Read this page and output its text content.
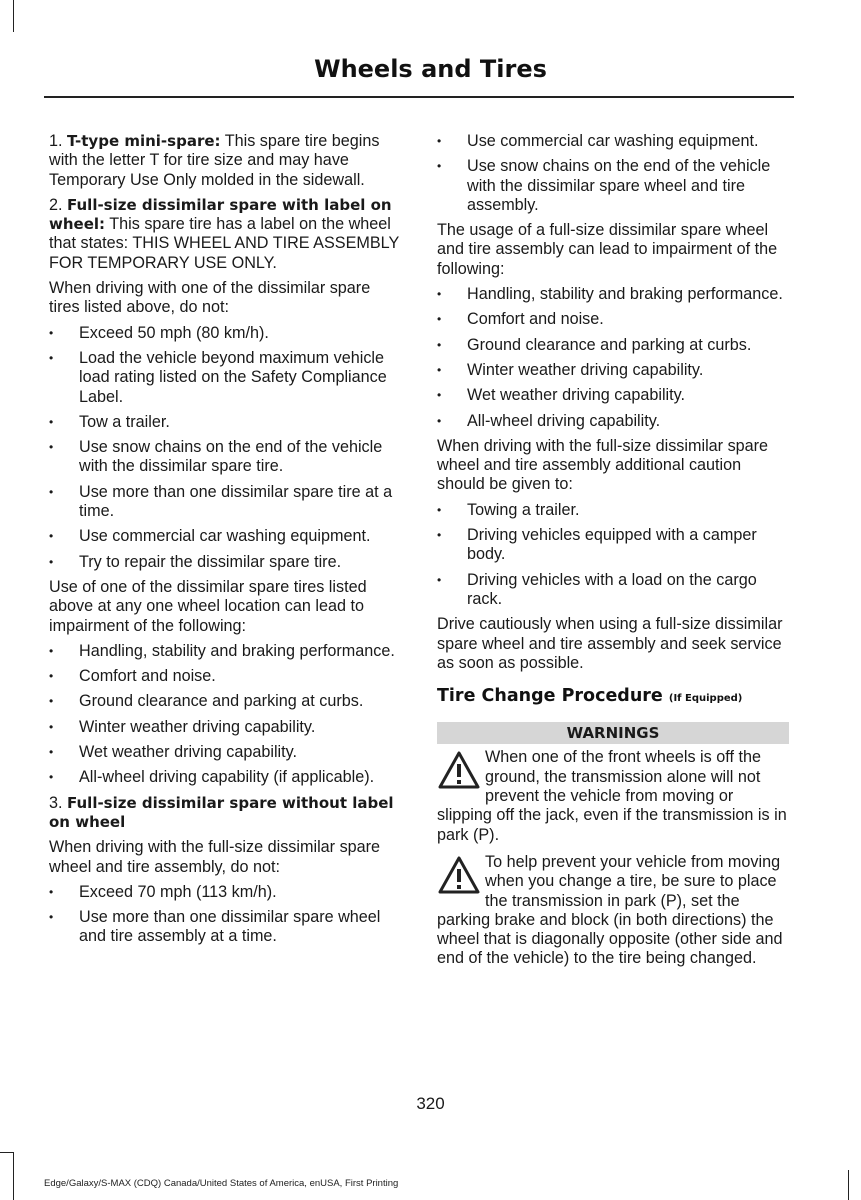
Wheels and Tires

1. T-type mini-spare: This spare tire begins with the letter T for tire size and may have Temporary Use Only molded in the sidewall.

2. Full-size dissimilar spare with label on wheel: This spare tire has a label on the wheel that states: THIS WHEEL AND TIRE ASSEMBLY FOR TEMPORARY USE ONLY.

When driving with one of the dissimilar spare tires listed above, do not:

•	Exceed 50 mph (80 km/h).
•	Load the vehicle beyond maximum vehicle load rating listed on the Safety Compliance Label.
•	Tow a trailer.
•	Use snow chains on the end of the vehicle with the dissimilar spare tire.
•	Use more than one dissimilar spare tire at a time.
•	Use commercial car washing equipment.
•	Try to repair the dissimilar spare tire.

Use of one of the dissimilar spare tires listed above at any one wheel location can lead to impairment of the following:

•	Handling, stability and braking performance.
•	Comfort and noise.
•	Ground clearance and parking at curbs.
•	Winter weather driving capability.
•	Wet weather driving capability.
•	All-wheel driving capability (if applicable).

3. Full-size dissimilar spare without label on wheel

When driving with the full-size dissimilar spare wheel and tire assembly, do not:

•	Exceed 70 mph (113 km/h).
•	Use more than one dissimilar spare wheel and tire assembly at a time.
•	Use commercial car washing equipment.
•	Use snow chains on the end of the vehicle with the dissimilar spare wheel and tire assembly.

The usage of a full-size dissimilar spare wheel and tire assembly can lead to impairment of the following:

•	Handling, stability and braking performance.
•	Comfort and noise.
•	Ground clearance and parking at curbs.
•	Winter weather driving capability.
•	Wet weather driving capability.
•	All-wheel driving capability.

When driving with the full-size dissimilar spare wheel and tire assembly additional caution should be given to:

•	Towing a trailer.
•	Driving vehicles equipped with a camper body.
•	Driving vehicles with a load on the cargo rack.

Drive cautiously when using a full-size dissimilar spare wheel and tire assembly and seek service as soon as possible.

Tire Change Procedure (If Equipped)
WARNINGS
When one of the front wheels is off the ground, the transmission alone will not prevent the vehicle from moving or slipping off the jack, even if the transmission is in park (P).
To help prevent your vehicle from moving when you change a tire, be sure to place the transmission in park (P), set the parking brake and block (in both directions) the wheel that is diagonally opposite (other side and end of the vehicle) to the tire being changed.
320
Edge/Galaxy/S-MAX (CDQ) Canada/United States of America, enUSA, First Printing
